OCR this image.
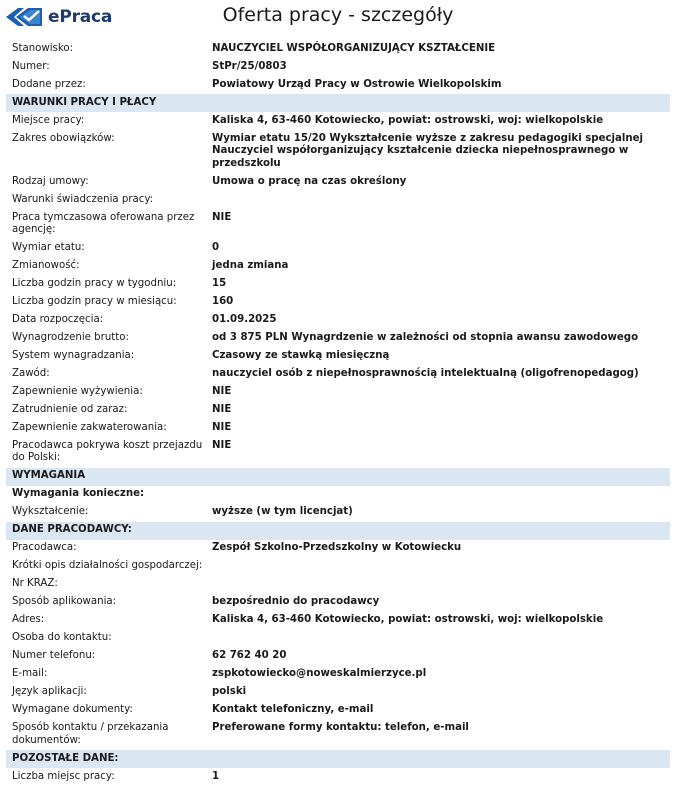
ePraca	Oferta pracy - szczegóły
Stanowisko:	NAUCZYCIEL WSPÓŁORGANIZUJĄCY KSZTAŁCENIE
Numer:	StPr/25/0803
Dodane przez:	Powiatowy Urząd Pracy w Ostrowie Wielkopolskim
WARUNKI PRACY I PŁACY
Miejsce pracy:	Kaliska 4, 63-460 Kotowiecko, powiat: ostrowski, woj: wielkopolskie
Zakres obowiązków:	Wymiar etatu 15/20 Wykształcenie wyższe z zakresu pedagogiki specjalnej Nauczyciel współorganizujący kształcenie dziecka niepełnosprawnego w przedszkolu
Rodzaj umowy:	Umowa o pracę na czas określony
Warunki świadczenia pracy:
Praca tymczasowa oferowana przez agencję:
NIE
Wymiar etatu:	0
Zmianowość:	jedna zmiana
Liczba godzin pracy w tygodniu:	15
Liczba godzin pracy w miesiącu:	160
Data rozpoczęcia:	01.09.2025
Wynagrodzenie brutto:	od 3 875 PLN Wynagrdzenie w zależności od stopnia awansu zawodowego
System wynagradzania:	Czasowy ze stawką miesięczną
Zawód:	nauczyciel osób z niepełnosprawnością intelektualną (oligofrenopedagog)
Zapewnienie wyżywienia:	NIE
Zatrudnienie od zaraz:	NIE
Zapewnienie zakwaterowania:	NIE
Pracodawca pokrywa koszt przejazdu do Polski:
NIE
WYMAGANIA
Wymagania konieczne:
Wykształcenie:	wyższe (w tym licencjat)
DANE PRACODAWCY:
Pracodawca:	Zespół Szkolno-Przedszkolny w Kotowiecku
Krótki opis działalności gospodarczej:
Nr KRAZ:
Sposób aplikowania:	bezpośrednio do pracodawcy
Adres:	Kaliska 4, 63-460 Kotowiecko, powiat: ostrowski, woj: wielkopolskie
Osoba do kontaktu:
Numer telefonu:	62 762 40 20
E-mail:	zspkotowiecko@noweskalmierzyce.pl
Język aplikacji:	polski
Wymagane dokumenty:	Kontakt telefoniczny, e-mail
Sposób kontaktu / przekazania dokumentów:
Preferowane formy kontaktu: telefon, e-mail
POZOSTAŁE DANE:
Liczba miejsc pracy:	1
